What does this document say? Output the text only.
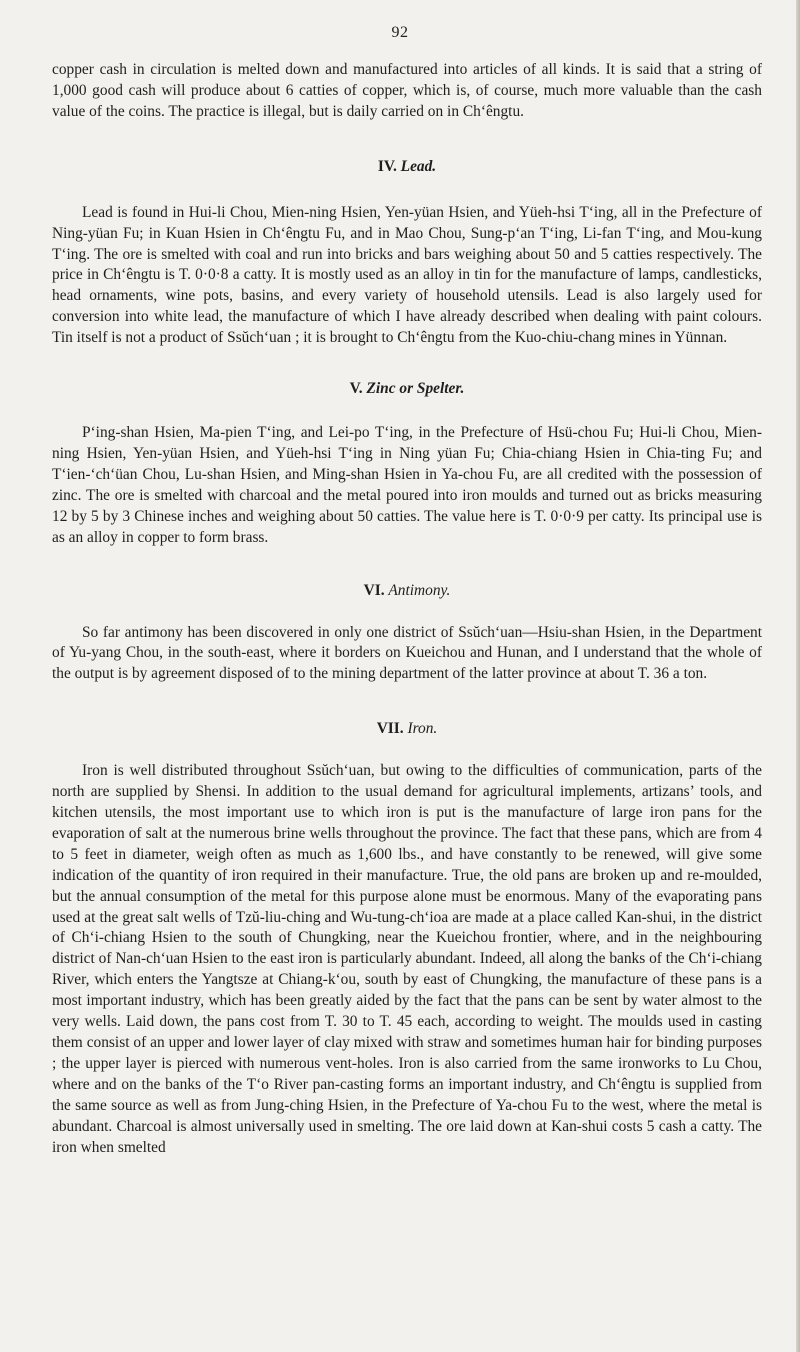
92

copper cash in circulation is melted down and manufactured into articles of all kinds. It is said that a string of 1,000 good cash will produce about 6 catties of copper, which is, of course, much more valuable than the cash value of the coins. The practice is illegal, but is daily carried on in Ch‘êngtu.

IV. Lead.

Lead is found in Hui-li Chou, Mien-ning Hsien, Yen-yüan Hsien, and Yüeh-hsi T‘ing, all in the Prefecture of Ning-yüan Fu; in Kuan Hsien in Ch‘êngtu Fu, and in Mao Chou, Sung-p‘an T‘ing, Li-fan T‘ing, and Mou-kung T‘ing. The ore is smelted with coal and run into bricks and bars weighing about 50 and 5 catties respectively. The price in Ch‘êngtu is T. 0·0·8 a catty. It is mostly used as an alloy in tin for the manufacture of lamps, candlesticks, head ornaments, wine pots, basins, and every variety of household utensils. Lead is also largely used for conversion into white lead, the manufacture of which I have already described when dealing with paint colours. Tin itself is not a product of Ssŭch‘uan ; it is brought to Ch‘êngtu from the Kuo-chiu-chang mines in Yünnan.

V. Zinc or Spelter.

P‘ing-shan Hsien, Ma-pien T‘ing, and Lei-po T‘ing, in the Prefecture of Hsü-chou Fu; Hui-li Chou, Mien-ning Hsien, Yen-yüan Hsien, and Yüeh-hsi T‘ing in Ning yüan Fu; Chia-chiang Hsien in Chia-ting Fu; and T‘ien-‘ch‘üan Chou, Lu-shan Hsien, and Ming-shan Hsien in Ya-chou Fu, are all credited with the possession of zinc. The ore is smelted with charcoal and the metal poured into iron moulds and turned out as bricks measuring 12 by 5 by 3 Chinese inches and weighing about 50 catties. The value here is T. 0·0·9 per catty. Its principal use is as an alloy in copper to form brass.

VI. Antimony.

So far antimony has been discovered in only one district of Ssŭch‘uan—Hsiu-shan Hsien, in the Department of Yu-yang Chou, in the south-east, where it borders on Kueichou and Hunan, and I understand that the whole of the output is by agreement disposed of to the mining department of the latter province at about T. 36 a ton.

VII. Iron.

Iron is well distributed throughout Ssŭch‘uan, but owing to the difficulties of communication, parts of the north are supplied by Shensi. In addition to the usual demand for agricultural implements, artizans’ tools, and kitchen utensils, the most important use to which iron is put is the manufacture of large iron pans for the evaporation of salt at the numerous brine wells throughout the province. The fact that these pans, which are from 4 to 5 feet in diameter, weigh often as much as 1,600 lbs., and have constantly to be renewed, will give some indication of the quantity of iron required in their manufacture. True, the old pans are broken up and re-moulded, but the annual consumption of the metal for this purpose alone must be enormous. Many of the evaporating pans used at the great salt wells of Tzŭ-liu-ching and Wu-tung-ch‘ioa are made at a place called Kan-shui, in the district of Ch‘i-chiang Hsien to the south of Chungking, near the Kueichou frontier, where, and in the neighbouring district of Nan-ch‘uan Hsien to the east iron is particularly abundant. Indeed, all along the banks of the Ch‘i-chiang River, which enters the Yangtsze at Chiang-k‘ou, south by east of Chungking, the manufacture of these pans is a most important industry, which has been greatly aided by the fact that the pans can be sent by water almost to the very wells. Laid down, the pans cost from T. 30 to T. 45 each, according to weight. The moulds used in casting them consist of an upper and lower layer of clay mixed with straw and sometimes human hair for binding purposes ; the upper layer is pierced with numerous vent-holes. Iron is also carried from the same ironworks to Lu Chou, where and on the banks of the T‘o River pan-casting forms an important industry, and Ch‘êngtu is supplied from the same source as well as from Jung-ching Hsien, in the Prefecture of Ya-chou Fu to the west, where the metal is abundant. Charcoal is almost universally used in smelting. The ore laid down at Kan-shui costs 5 cash a catty. The iron when smelted
